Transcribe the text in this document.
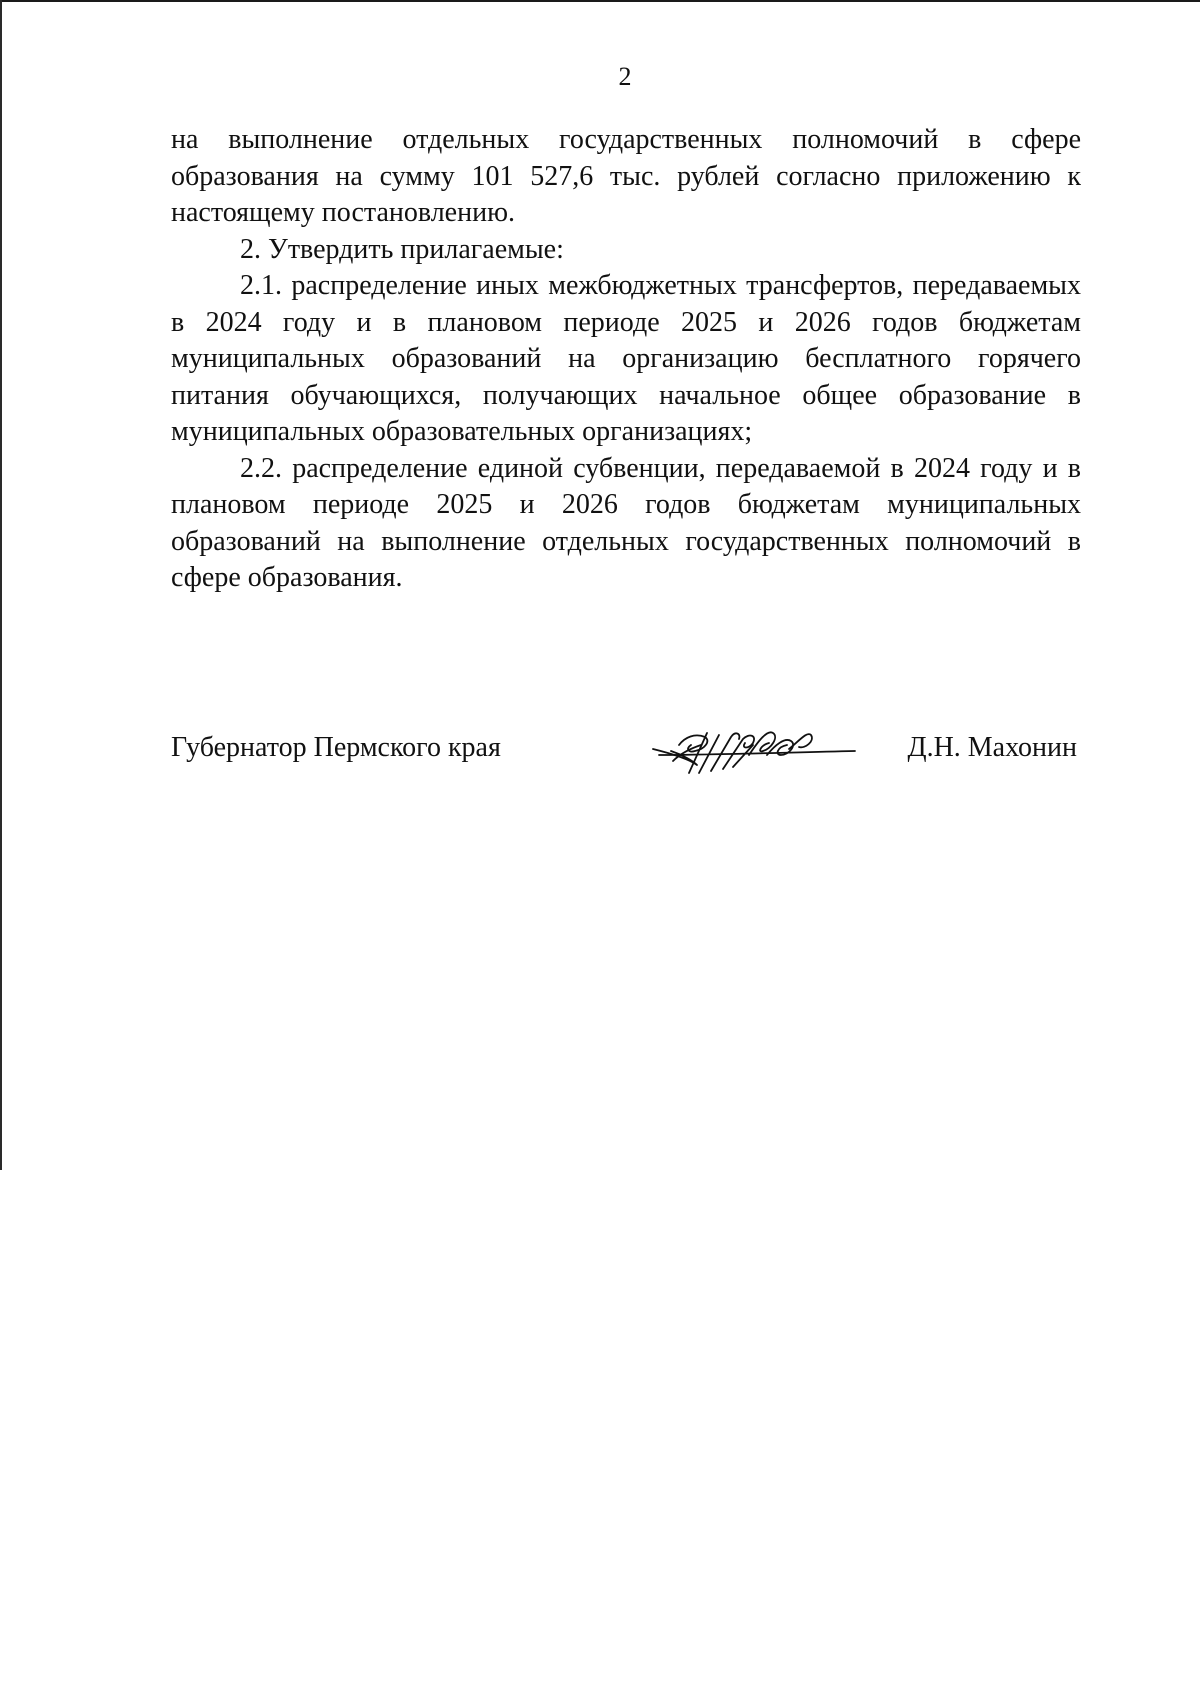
2

на выполнение отдельных государственных полномочий в сфере образования на сумму 101 527,6 тыс. рублей согласно приложению к настоящему постановлению.

2. Утвердить прилагаемые:

2.1. распределение иных межбюджетных трансфертов, передаваемых в 2024 году и в плановом периоде 2025 и 2026 годов бюджетам муниципальных образований на организацию бесплатного горячего питания обучающихся, получающих начальное общее образование в муниципальных образовательных организациях;

2.2. распределение единой субвенции, передаваемой в 2024 году и в плановом периоде 2025 и 2026 годов бюджетам муниципальных образований на выполнение отдельных государственных полномочий в сфере образования.

Губернатор Пермского края	Д.Н. Махонин
